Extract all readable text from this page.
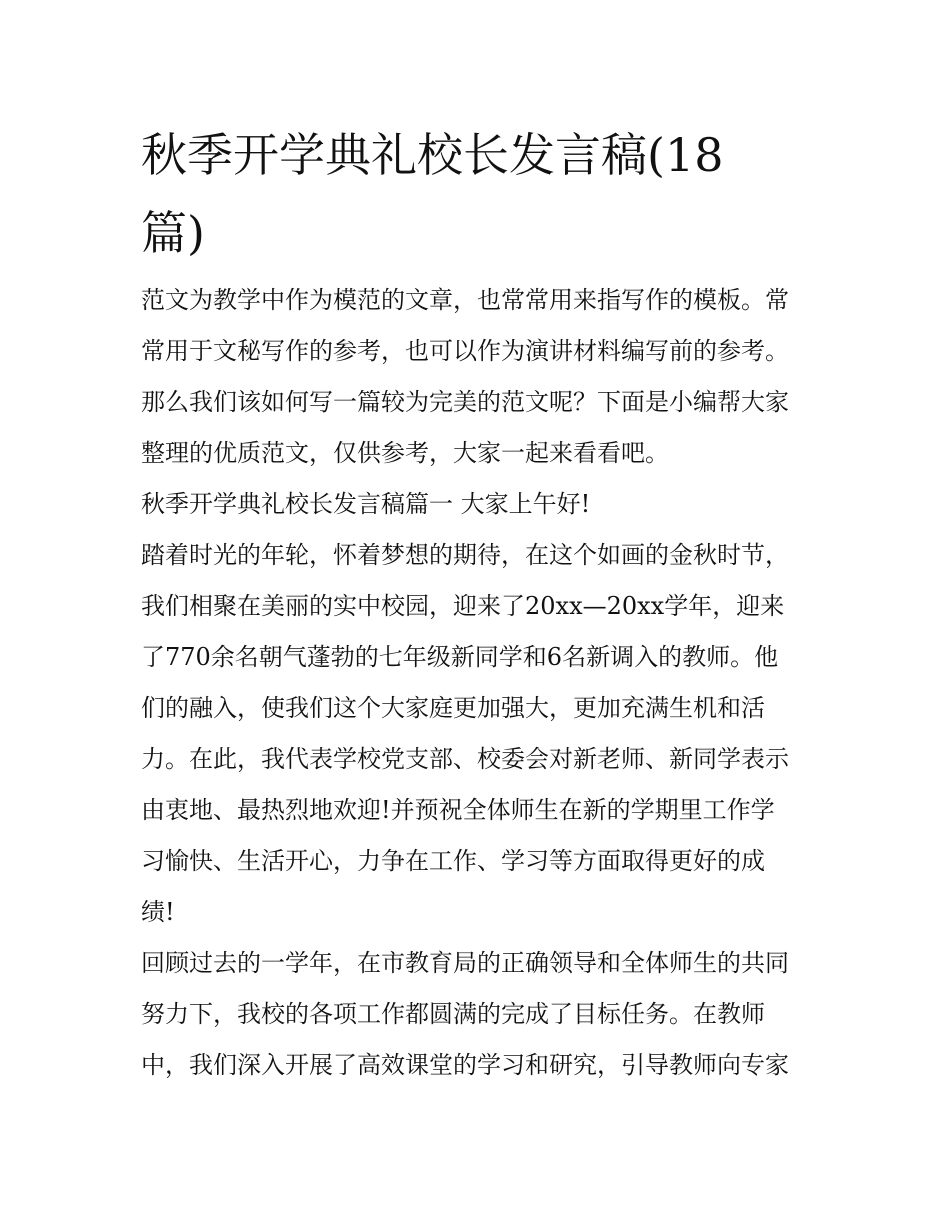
秋季开学典礼校长发言稿(18
篇)
范文为教学中作为模范的文章，也常常用来指写作的模板。常
常用于文秘写作的参考，也可以作为演讲材料编写前的参考。
那么我们该如何写一篇较为完美的范文呢？下面是小编帮大家
整理的优质范文，仅供参考，大家一起来看看吧。
秋季开学典礼校长发言稿篇一 大家上午好!
踏着时光的年轮，怀着梦想的期待，在这个如画的金秋时节，
我们相聚在美丽的实中校园，迎来了20xx—20xx学年，迎来
了770余名朝气蓬勃的七年级新同学和6名新调入的教师。他
们的融入，使我们这个大家庭更加强大，更加充满生机和活
力。在此，我代表学校党支部、校委会对新老师、新同学表示
由衷地、最热烈地欢迎!并预祝全体师生在新的学期里工作学
习愉快、生活开心，力争在工作、学习等方面取得更好的成
绩!
回顾过去的一学年，在市教育局的正确领导和全体师生的共同
努力下，我校的各项工作都圆满的完成了目标任务。在教师
中，我们深入开展了高效课堂的学习和研究，引导教师向专家
